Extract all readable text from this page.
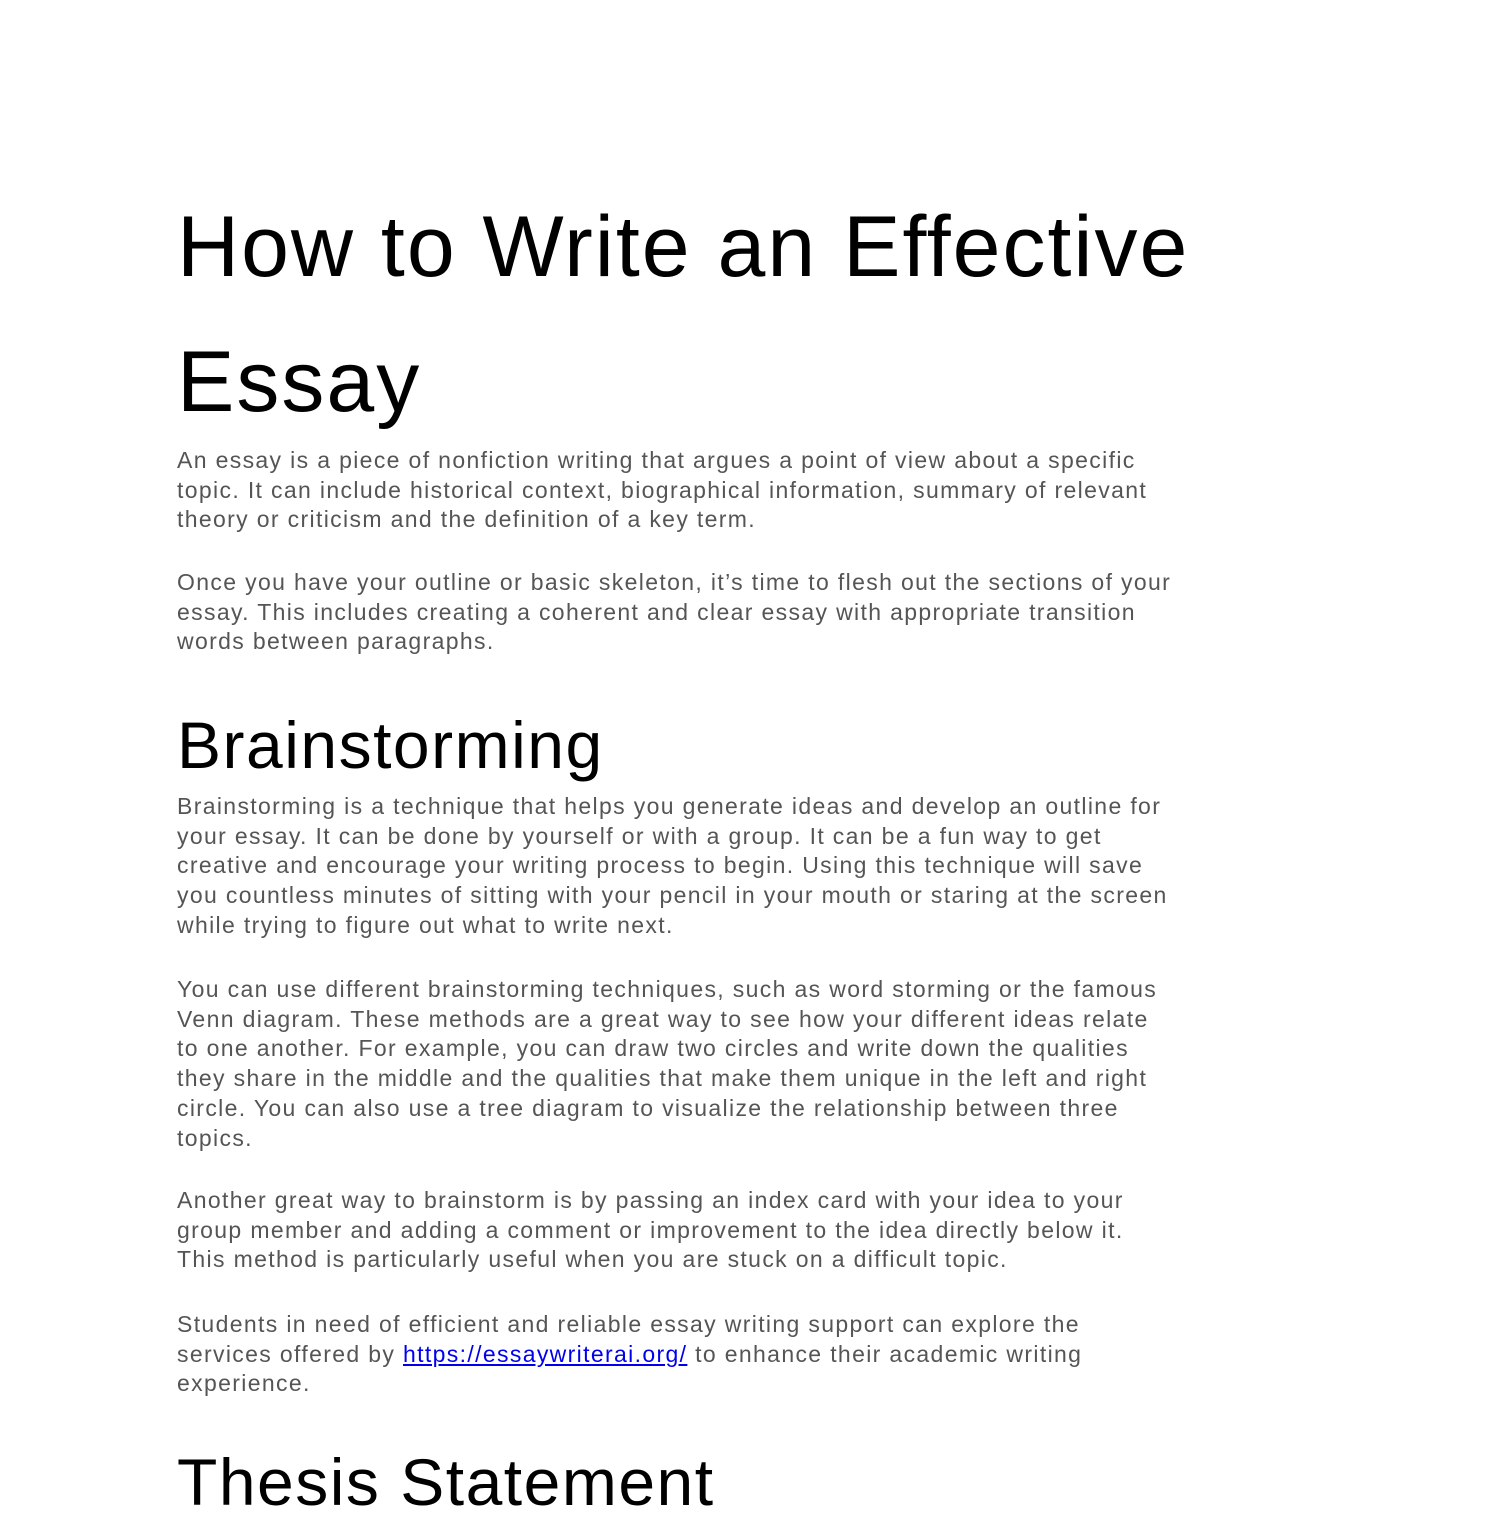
How to Write an Effective
Essay
An essay is a piece of nonfiction writing that argues a point of view about a specific
topic. It can include historical context, biographical information, summary of relevant
theory or criticism and the definition of a key term.
Once you have your outline or basic skeleton, it’s time to flesh out the sections of your
essay. This includes creating a coherent and clear essay with appropriate transition
words between paragraphs.
Brainstorming
Brainstorming is a technique that helps you generate ideas and develop an outline for
your essay. It can be done by yourself or with a group. It can be a fun way to get
creative and encourage your writing process to begin. Using this technique will save
you countless minutes of sitting with your pencil in your mouth or staring at the screen
while trying to figure out what to write next.
You can use different brainstorming techniques, such as word storming or the famous
Venn diagram. These methods are a great way to see how your different ideas relate
to one another. For example, you can draw two circles and write down the qualities
they share in the middle and the qualities that make them unique in the left and right
circle. You can also use a tree diagram to visualize the relationship between three
topics.
Another great way to brainstorm is by passing an index card with your idea to your
group member and adding a comment or improvement to the idea directly below it.
This method is particularly useful when you are stuck on a difficult topic.
Students in need of efficient and reliable essay writing support can explore the
services offered by https://essaywriterai.org/ to enhance their academic writing
experience.
Thesis Statement
